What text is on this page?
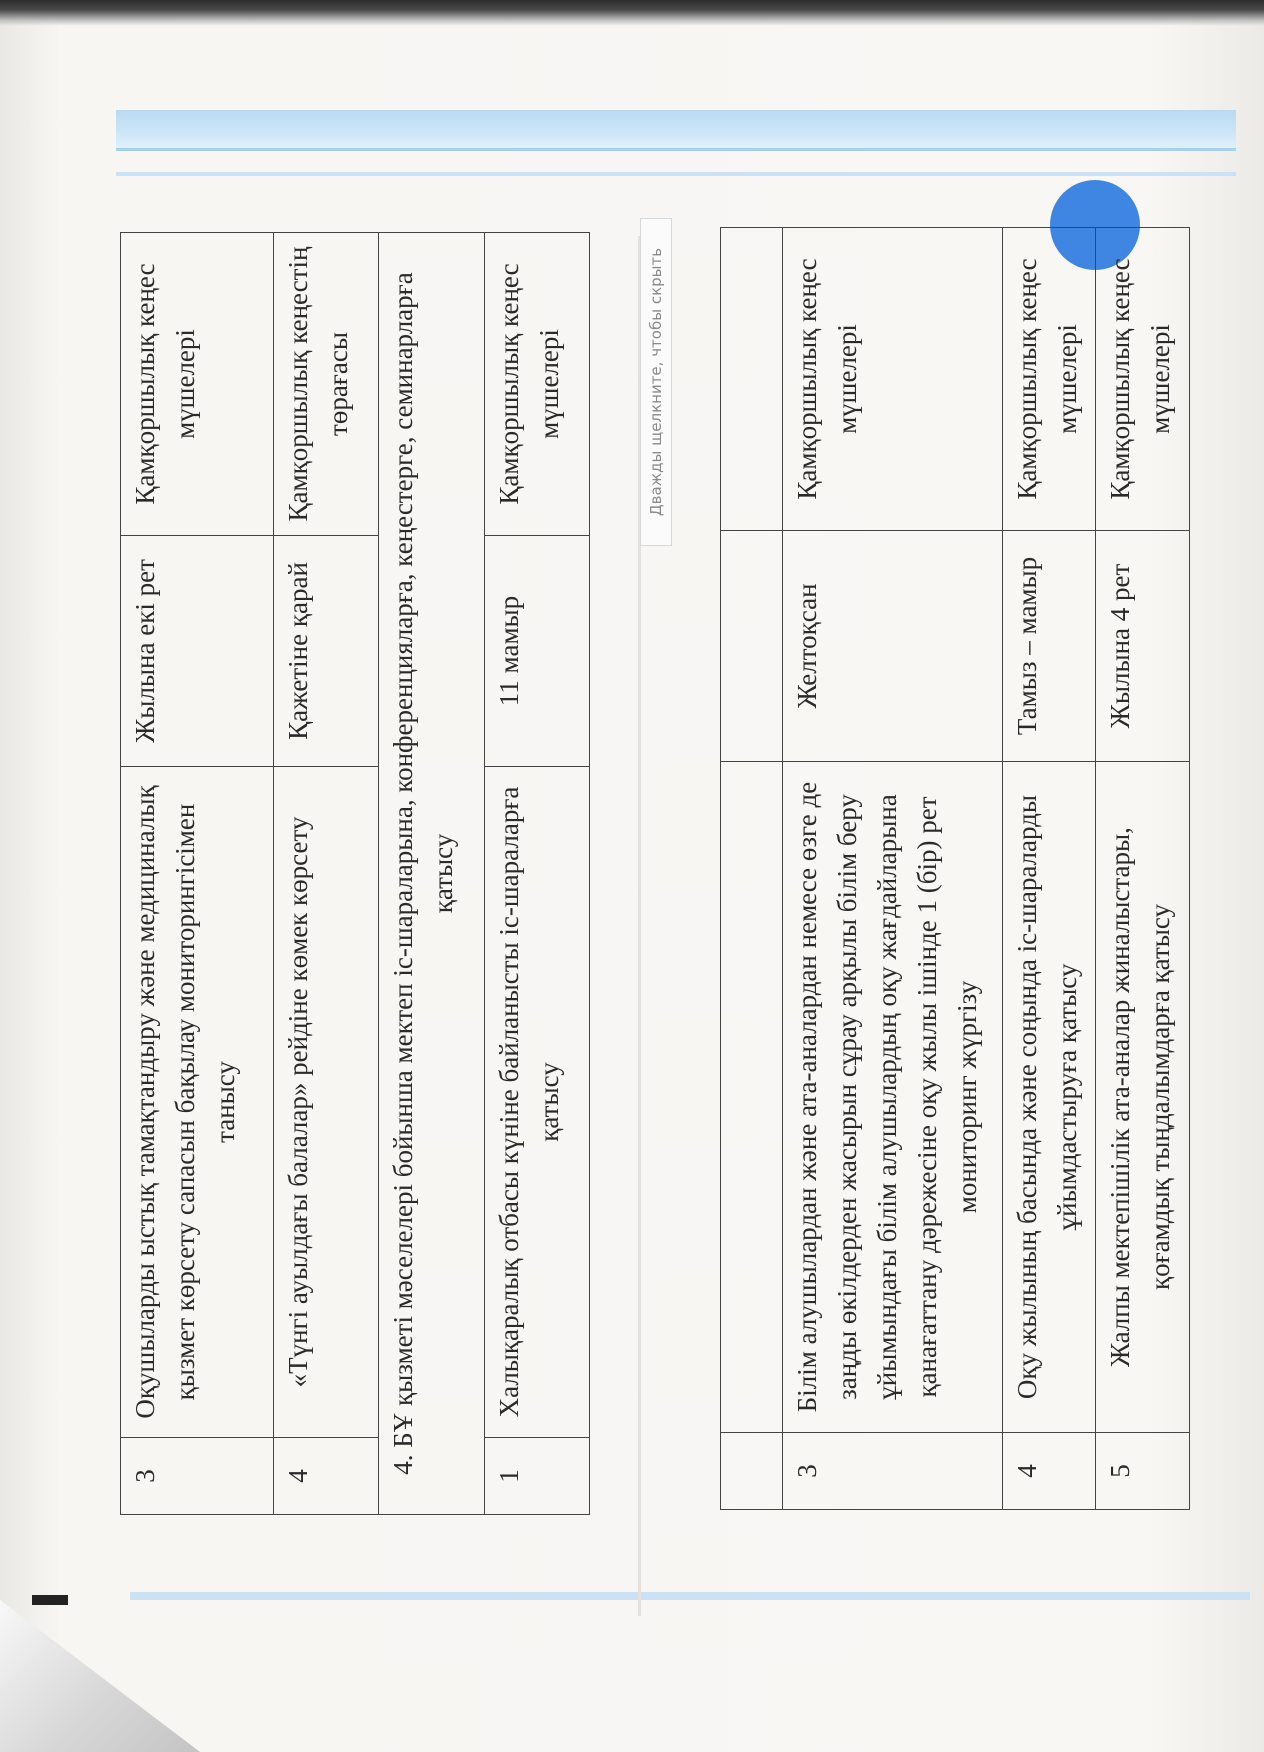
Дважды щелкните, чтобы скрыть
3	Оқушыларды ыстық тамақтандыру және медициналық қызмет көрсету сапасын бақылау мониторингісімен танысу	Жылына екі рет	Қамқоршылық кеңес мүшелері
4	«Түнгі ауылдағы балалар» рейдіне көмек көрсету	Қажетіне қарай	Қамқоршылық кеңестің төрағасы
4. БҰ қызметі мәселелері бойынша мектеп іс-шараларына, конференцияларға, кеңестерге, семинарларға қатысу			
1	Халықаралық отбасы күніне байланысты іс-шараларға қатысу	11 мамыр	Қамқоршылық кеңес мүшелері

3	Білім алушылардан және ата-аналардан немесе өзге де заңды өкілдерден жасырын сұрау арқылы білім беру ұйымындағы білім алушылардың оқу жағдайларына қанағаттану дәрежесіне оқу жылы ішінде 1 (бір) рет мониторинг жүргізу	Желтоқсан	Қамқоршылық кеңес мүшелері
4	Оқу жылының басында және соңында іс-шараларды ұйымдастыруға қатысу	Тамыз – мамыр	Қамқоршылық кеңес мүшелері
5	Жалпы мектепішілік ата-аналар жиналыстары, қоғамдық тыңдалымдарға қатысу	Жылына 4 рет	Қамқоршылық кеңес мүшелері
